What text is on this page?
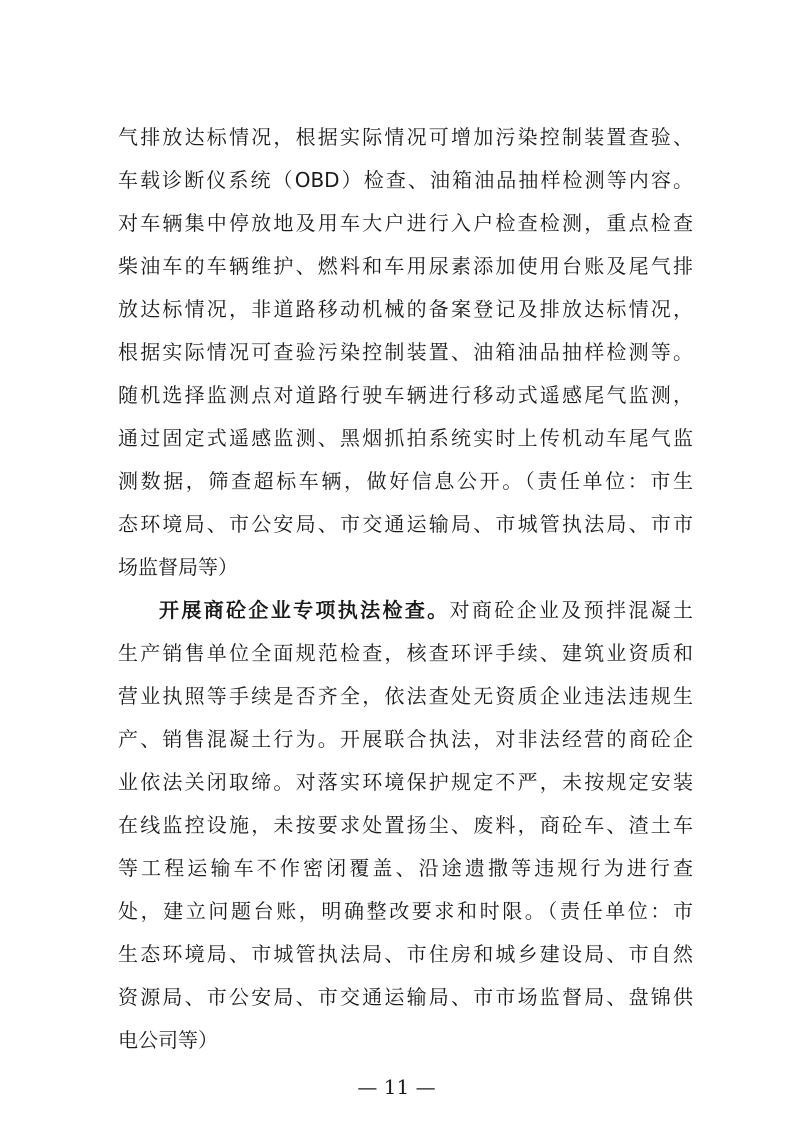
气排放达标情况，根据实际情况可增加污染控制装置查验、
车载诊断仪系统（OBD）检查、油箱油品抽样检测等内容。
对车辆集中停放地及用车大户进行入户检查检测，重点检查
柴油车的车辆维护、燃料和车用尿素添加使用台账及尾气排
放达标情况，非道路移动机械的备案登记及排放达标情况，
根据实际情况可查验污染控制装置、油箱油品抽样检测等。
随机选择监测点对道路行驶车辆进行移动式遥感尾气监测，
通过固定式遥感监测、黑烟抓拍系统实时上传机动车尾气监
测数据，筛查超标车辆，做好信息公开。（责任单位：市生
态环境局、市公安局、市交通运输局、市城管执法局、市市
场监督局等）
开展商砼企业专项执法检查。对商砼企业及预拌混凝土
生产销售单位全面规范检查，核查环评手续、建筑业资质和
营业执照等手续是否齐全，依法查处无资质企业违法违规生
产、销售混凝土行为。开展联合执法，对非法经营的商砼企
业依法关闭取缔。对落实环境保护规定不严，未按规定安装
在线监控设施，未按要求处置扬尘、废料，商砼车、渣土车
等工程运输车不作密闭覆盖、沿途遗撒等违规行为进行查
处，建立问题台账，明确整改要求和时限。（责任单位：市
生态环境局、市城管执法局、市住房和城乡建设局、市自然
资源局、市公安局、市交通运输局、市市场监督局、盘锦供
电公司等）
— 11 —
